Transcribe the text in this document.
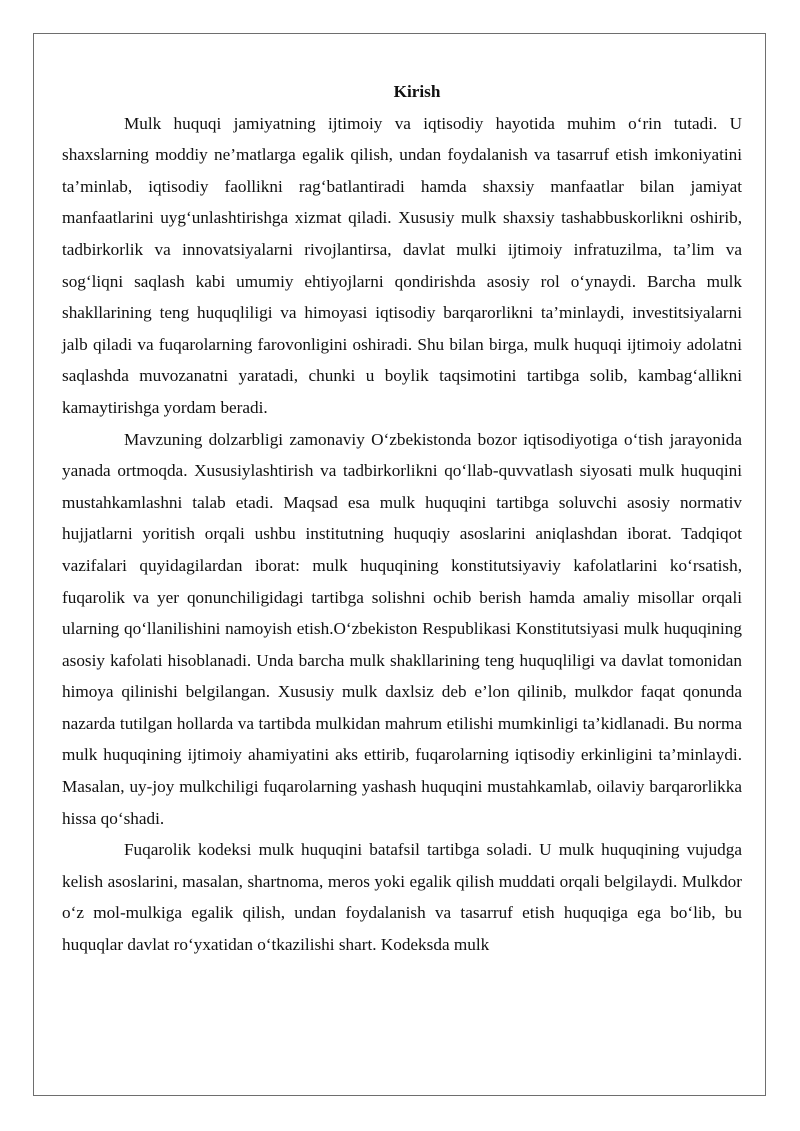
Kirish

Mulk huquqi jamiyatning ijtimoiy va iqtisodiy hayotida muhim o‘rin tutadi. U shaxslarning moddiy ne’matlarga egalik qilish, undan foydalanish va tasarruf etish imkoniyatini ta’minlab, iqtisodiy faollikni rag‘batlantiradi hamda shaxsiy manfaatlar bilan jamiyat manfaatlarini uyg‘unlashtirishga xizmat qiladi. Xususiy mulk shaxsiy tashabbuskorlikni oshirib, tadbirkorlik va innovatsiyalarni rivojlantirsa, davlat mulki ijtimoiy infratuzilma, ta’lim va sog‘liqni saqlash kabi umumiy ehtiyojlarni qondirishda asosiy rol o‘ynaydi. Barcha mulk shakllarining teng huquqliligi va himoyasi iqtisodiy barqarorlikni ta’minlaydi, investitsiyalarni jalb qiladi va fuqarolarning farovonligini oshiradi. Shu bilan birga, mulk huquqi ijtimoiy adolatni saqlashda muvozanatni yaratadi, chunki u boylik taqsimotini tartibga solib, kambag‘allikni kamaytirishga yordam beradi.

Mavzuning dolzarbligi zamonaviy O‘zbekistonda bozor iqtisodiyotiga o‘tish jarayonida yanada ortmoqda. Xususiylashtirish va tadbirkorlikni qo‘llab-quvvatlash siyosati mulk huquqini mustahkamlashni talab etadi. Maqsad esa mulk huquqini tartibga soluvchi asosiy normativ hujjatlarni yoritish orqali ushbu institutning huquqiy asoslarini aniqlashdan iborat. Tadqiqot vazifalari quyidagilardan iborat: mulk huquqining konstitutsiyaviy kafolatlarini ko‘rsatish, fuqarolik va yer qonunchiligidagi tartibga solishni ochib berish hamda amaliy misollar orqali ularning qo‘llanilishini namoyish etish.O‘zbekiston Respublikasi Konstitutsiyasi mulk huquqining asosiy kafolati hisoblanadi. Unda barcha mulk shakllarining teng huquqliligi va davlat tomonidan himoya qilinishi belgilangan. Xususiy mulk daxlsiz deb e’lon qilinib, mulkdor faqat qonunda nazarda tutilgan hollarda va tartibda mulkidan mahrum etilishi mumkinligi ta’kidlanadi. Bu norma mulk huquqining ijtimoiy ahamiyatini aks ettirib, fuqarolarning iqtisodiy erkinligini ta’minlaydi. Masalan, uy-joy mulkchiligi fuqarolarning yashash huquqini mustahkamlab, oilaviy barqarorlikka hissa qo‘shadi.

Fuqarolik kodeksi mulk huquqini batafsil tartibga soladi. U mulk huquqining vujudga kelish asoslarini, masalan, shartnoma, meros yoki egalik qilish muddati orqali belgilaydi. Mulkdor o‘z mol-mulkiga egalik qilish, undan foydalanish va tasarruf etish huquqiga ega bo‘lib, bu huquqlar davlat ro‘yxatidan o‘tkazilishi shart. Kodeksda mulk
